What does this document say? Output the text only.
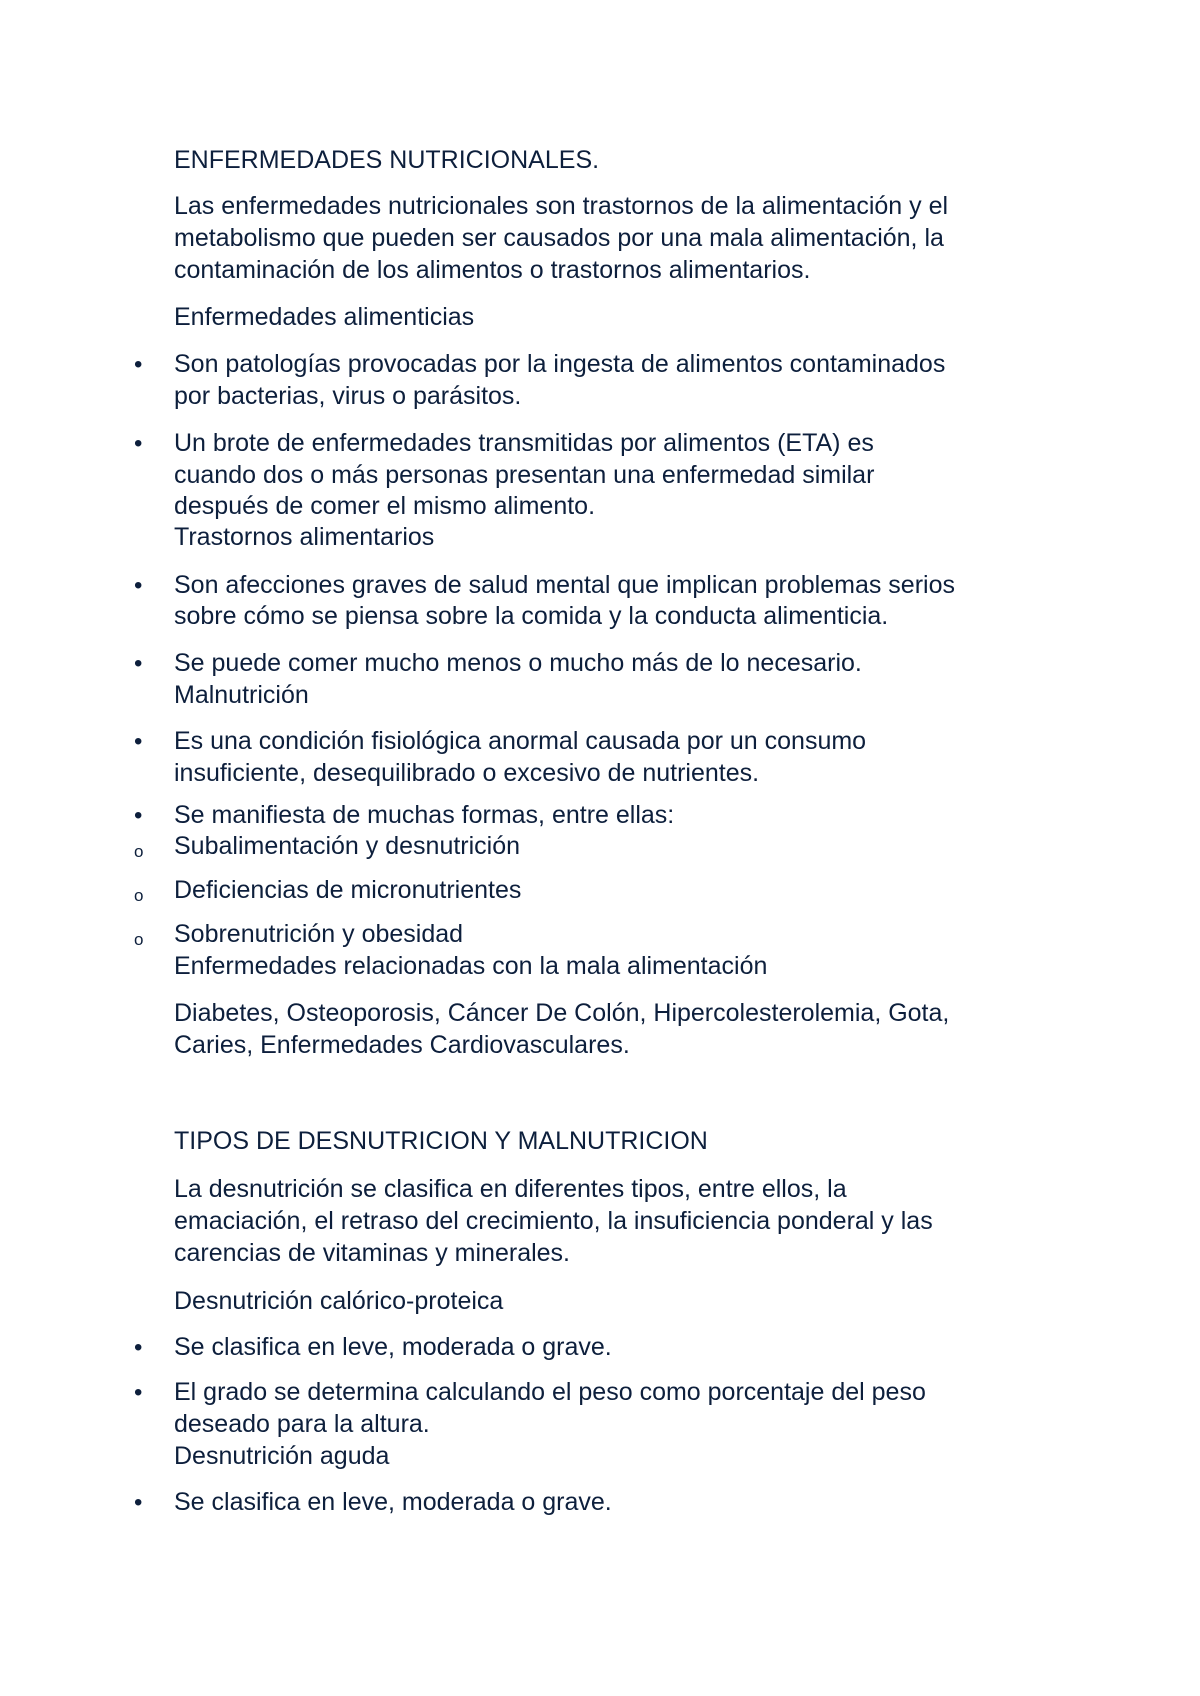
ENFERMEDADES NUTRICIONALES.
Las enfermedades nutricionales son trastornos de la alimentación y el
metabolismo que pueden ser causados por una mala alimentación, la
contaminación de los alimentos o trastornos alimentarios.
Enfermedades alimenticias
• Son patologías provocadas por la ingesta de alimentos contaminados
por bacterias, virus o parásitos.
• Un brote de enfermedades transmitidas por alimentos (ETA) es
cuando dos o más personas presentan una enfermedad similar
después de comer el mismo alimento.
Trastornos alimentarios
• Son afecciones graves de salud mental que implican problemas serios
sobre cómo se piensa sobre la comida y la conducta alimenticia.
• Se puede comer mucho menos o mucho más de lo necesario.
Malnutrición
• Es una condición fisiológica anormal causada por un consumo
insuficiente, desequilibrado o excesivo de nutrientes.
• Se manifiesta de muchas formas, entre ellas:
o Subalimentación y desnutrición
o Deficiencias de micronutrientes
o Sobrenutrición y obesidad
Enfermedades relacionadas con la mala alimentación
Diabetes, Osteoporosis, Cáncer De Colón, Hipercolesterolemia, Gota,
Caries, Enfermedades Cardiovasculares.
TIPOS DE DESNUTRICION Y MALNUTRICION
La desnutrición se clasifica en diferentes tipos, entre ellos, la
emaciación, el retraso del crecimiento, la insuficiencia ponderal y las
carencias de vitaminas y minerales.
Desnutrición calórico-proteica
• Se clasifica en leve, moderada o grave.
• El grado se determina calculando el peso como porcentaje del peso
deseado para la altura.
Desnutrición aguda
• Se clasifica en leve, moderada o grave.
